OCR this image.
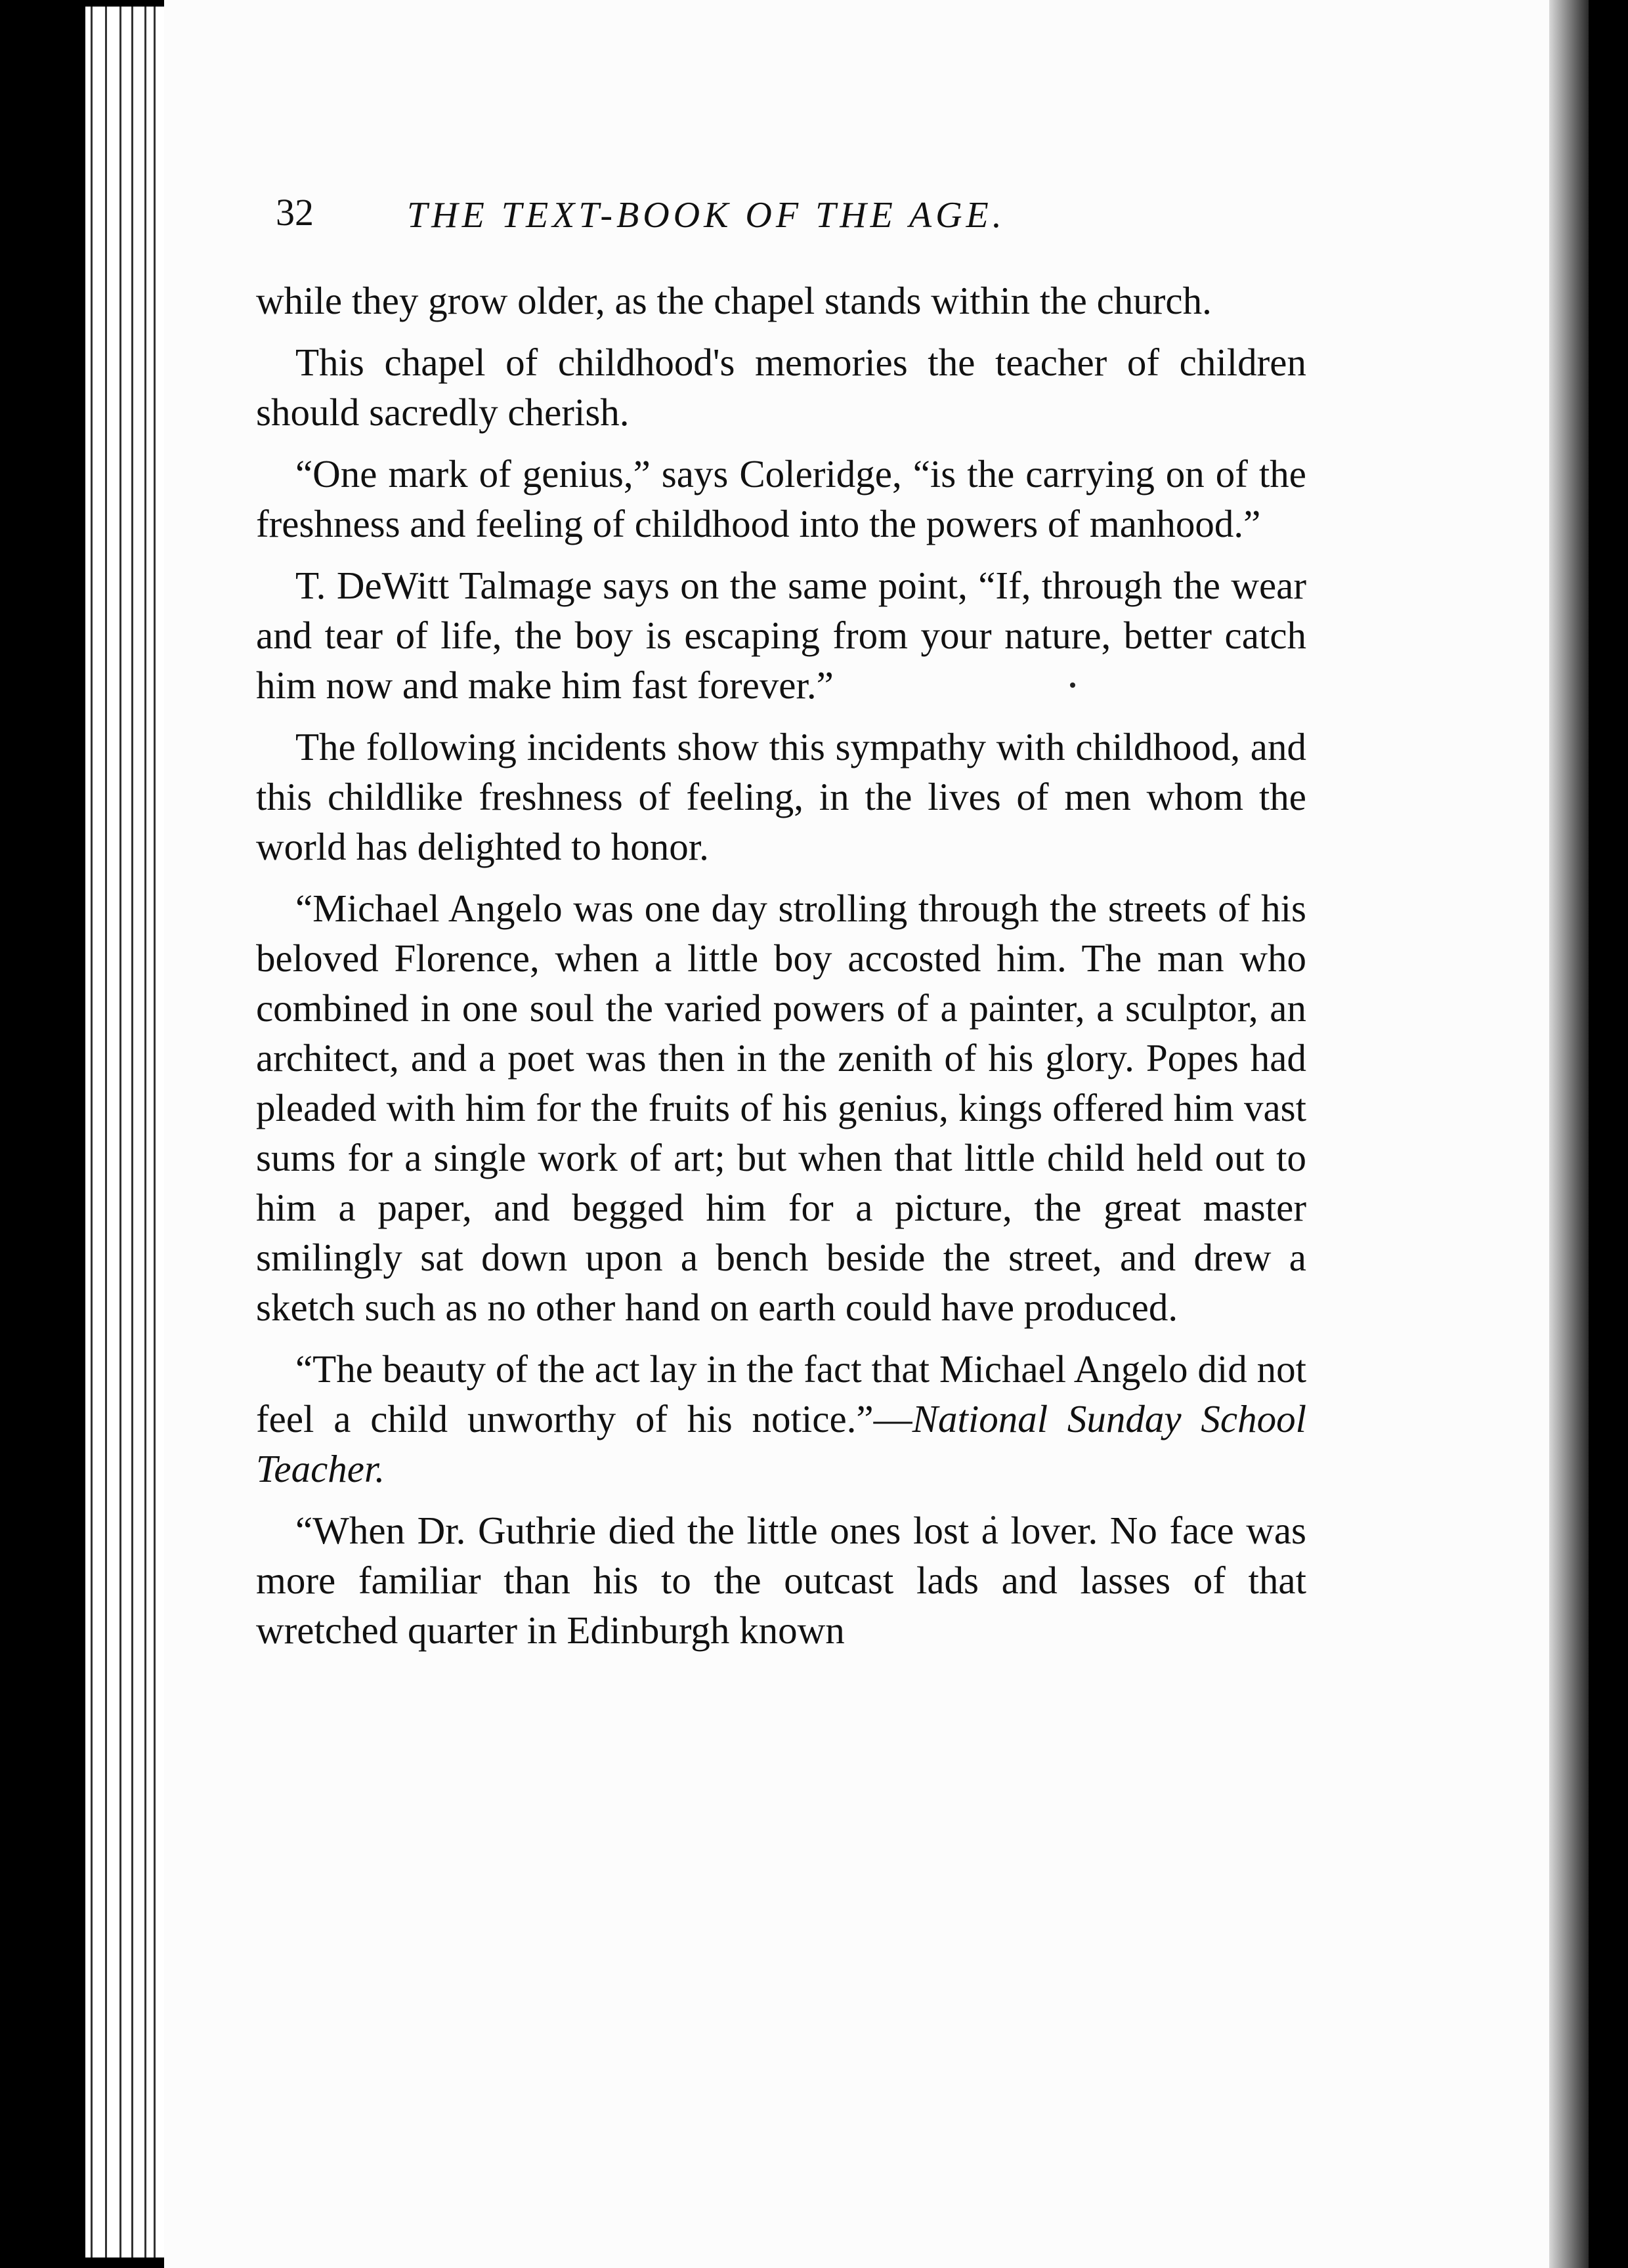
32	THE TEXT-BOOK OF THE AGE.

while they grow older, as the chapel stands within the church.

This chapel of childhood's memories the teacher of children should sacredly cherish.

“One mark of genius,” says Coleridge, “is the carrying on of the freshness and feeling of childhood into the powers of manhood.”

T. DeWitt Talmage says on the same point, “If, through the wear and tear of life, the boy is escaping from your nature, better catch him now and make him fast forever.”

The following incidents show this sympathy with childhood, and this childlike freshness of feeling, in the lives of men whom the world has delighted to honor.

“Michael Angelo was one day strolling through the streets of his beloved Florence, when a little boy accosted him. The man who combined in one soul the varied powers of a painter, a sculptor, an architect, and a poet was then in the zenith of his glory. Popes had pleaded with him for the fruits of his genius, kings offered him vast sums for a single work of art; but when that little child held out to him a paper, and begged him for a picture, the great master smilingly sat down upon a bench beside the street, and drew a sketch such as no other hand on earth could have produced.

“The beauty of the act lay in the fact that Michael Angelo did not feel a child unworthy of his notice.”—National Sunday School Teacher.

“When Dr. Guthrie died the little ones lost a lover. No face was more familiar than his to the outcast lads and lasses of that wretched quarter in Edinburgh known
